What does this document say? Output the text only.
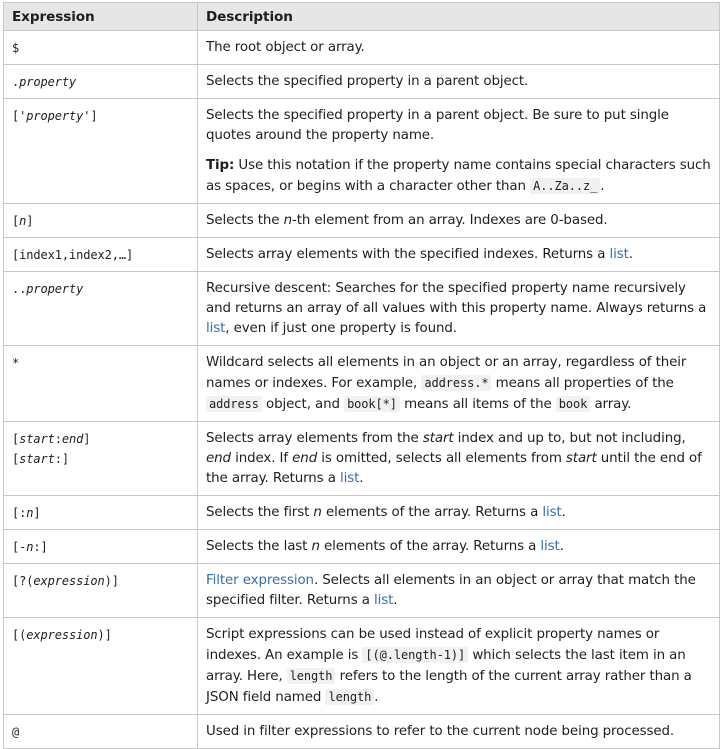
Expression	Description

$	The root object or array.

.property	Selects the specified property in a parent object.

['property']	Selects the specified property in a parent object. Be sure to put single quotes around the property name.

Tip: Use this notation if the property name contains special characters such as spaces, or begins with a character other than A..Za..z_ .

[n]	Selects the n-th element from an array. Indexes are 0-based.

[index1,index2,…]	Selects array elements with the specified indexes. Returns a list.

..property	Recursive descent: Searches for the specified property name recursively and returns an array of all values with this property name. Always returns a list, even if just one property is found.

*	Wildcard selects all elements in an object or an array, regardless of their names or indexes. For example, address.* means all properties of the address object, and book[*] means all items of the book array.

[start:end]
[start:]	Selects array elements from the start index and up to, but not including, end index. If end is omitted, selects all elements from start until the end of the array. Returns a list.

[:n]	Selects the first n elements of the array. Returns a list.

[-n:]	Selects the last n elements of the array. Returns a list.

[?(expression)]	Filter expression. Selects all elements in an object or array that match the specified filter. Returns a list.

[(expression)]	Script expressions can be used instead of explicit property names or indexes. An example is [(@.length-1)] which selects the last item in an array. Here, length refers to the length of the current array rather than a JSON field named length .

@	Used in filter expressions to refer to the current node being processed.
